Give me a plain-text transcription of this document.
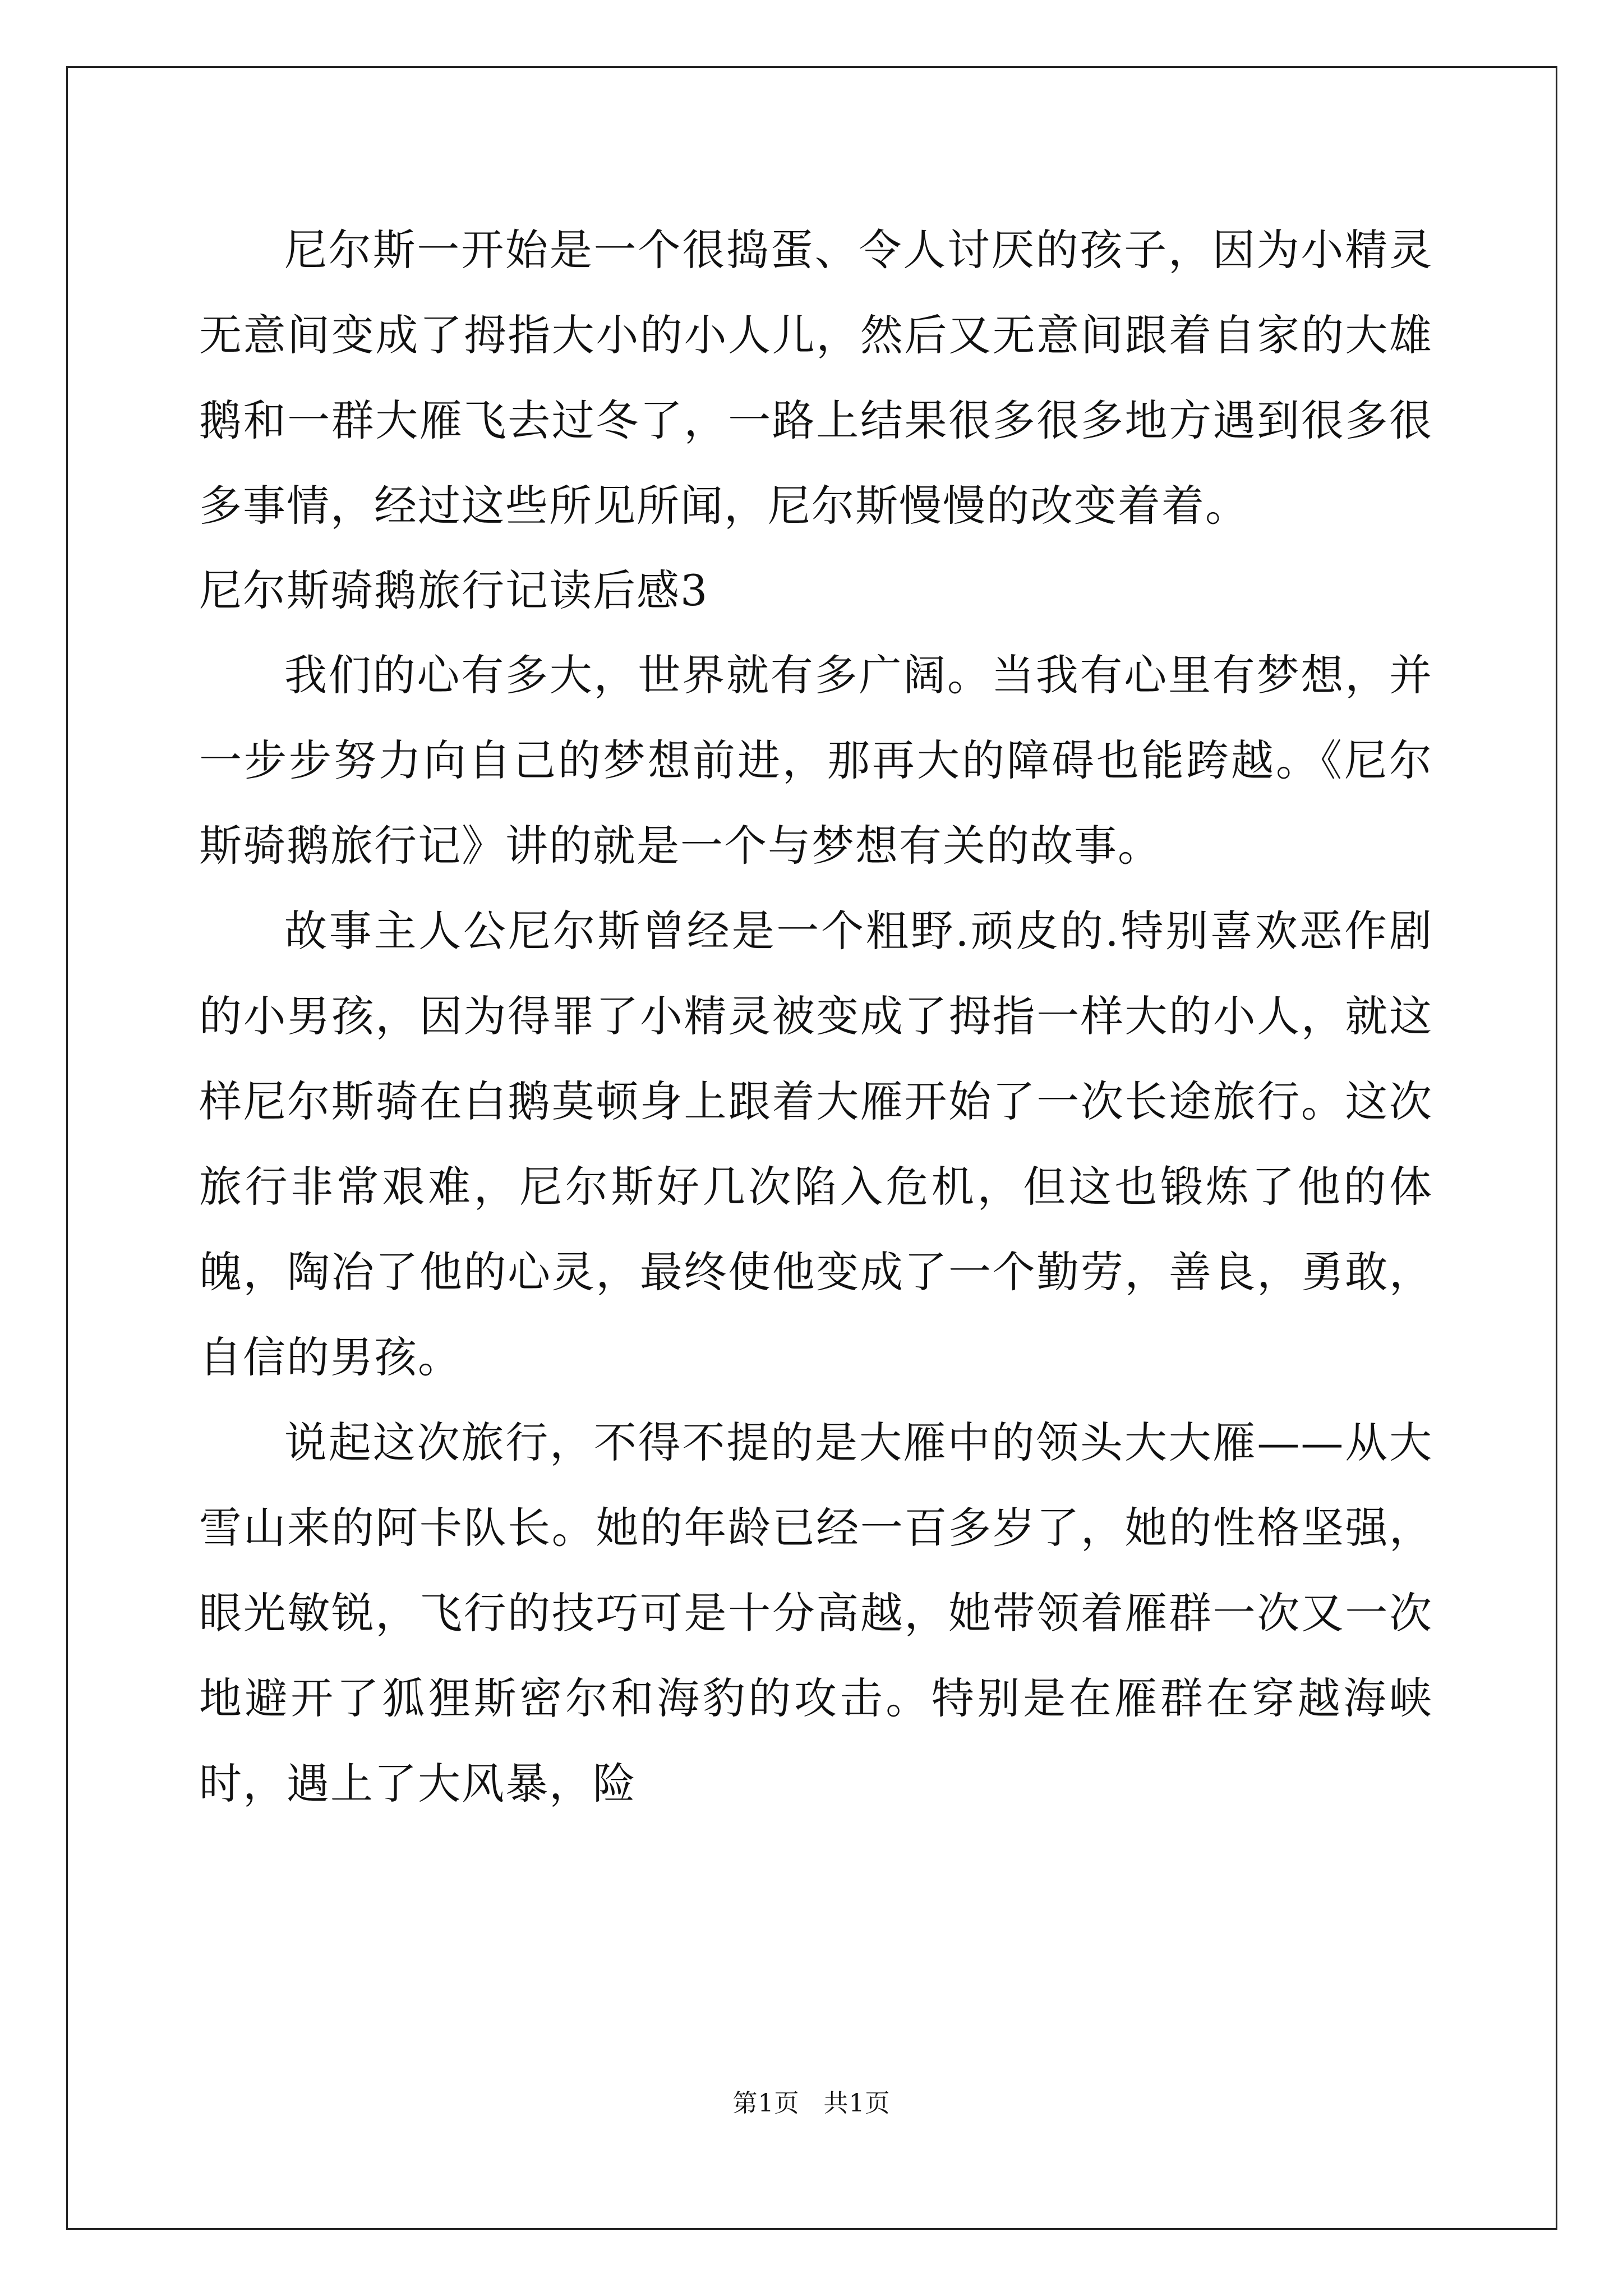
尼尔斯一开始是一个很捣蛋、令人讨厌的孩子，因为小精灵无意间变成了拇指大小的小人儿，然后又无意间跟着自家的大雄鹅和一群大雁飞去过冬了，一路上结果很多很多地方遇到很多很多事情，经过这些所见所闻，尼尔斯慢慢的改变着着。

尼尔斯骑鹅旅行记读后感3

我们的心有多大，世界就有多广阔。当我有心里有梦想，并一步步努力向自己的梦想前进，那再大的障碍也能跨越。《尼尔斯骑鹅旅行记》讲的就是一个与梦想有关的故事。

故事主人公尼尔斯曾经是一个粗野.顽皮的.特别喜欢恶作剧的小男孩，因为得罪了小精灵被变成了拇指一样大的小人，就这样尼尔斯骑在白鹅莫顿身上跟着大雁开始了一次长途旅行。这次旅行非常艰难，尼尔斯好几次陷入危机，但这也锻炼了他的体魄，陶冶了他的心灵，最终使他变成了一个勤劳，善良，勇敢，自信的男孩。

说起这次旅行，不得不提的是大雁中的领头大大雁——从大雪山来的阿卡队长。她的年龄已经一百多岁了，她的性格坚强，眼光敏锐，飞行的技巧可是十分高越，她带领着雁群一次又一次地避开了狐狸斯密尔和海豹的攻击。特别是在雁群在穿越海峡时，遇上了大风暴，险

第1页 共1页
